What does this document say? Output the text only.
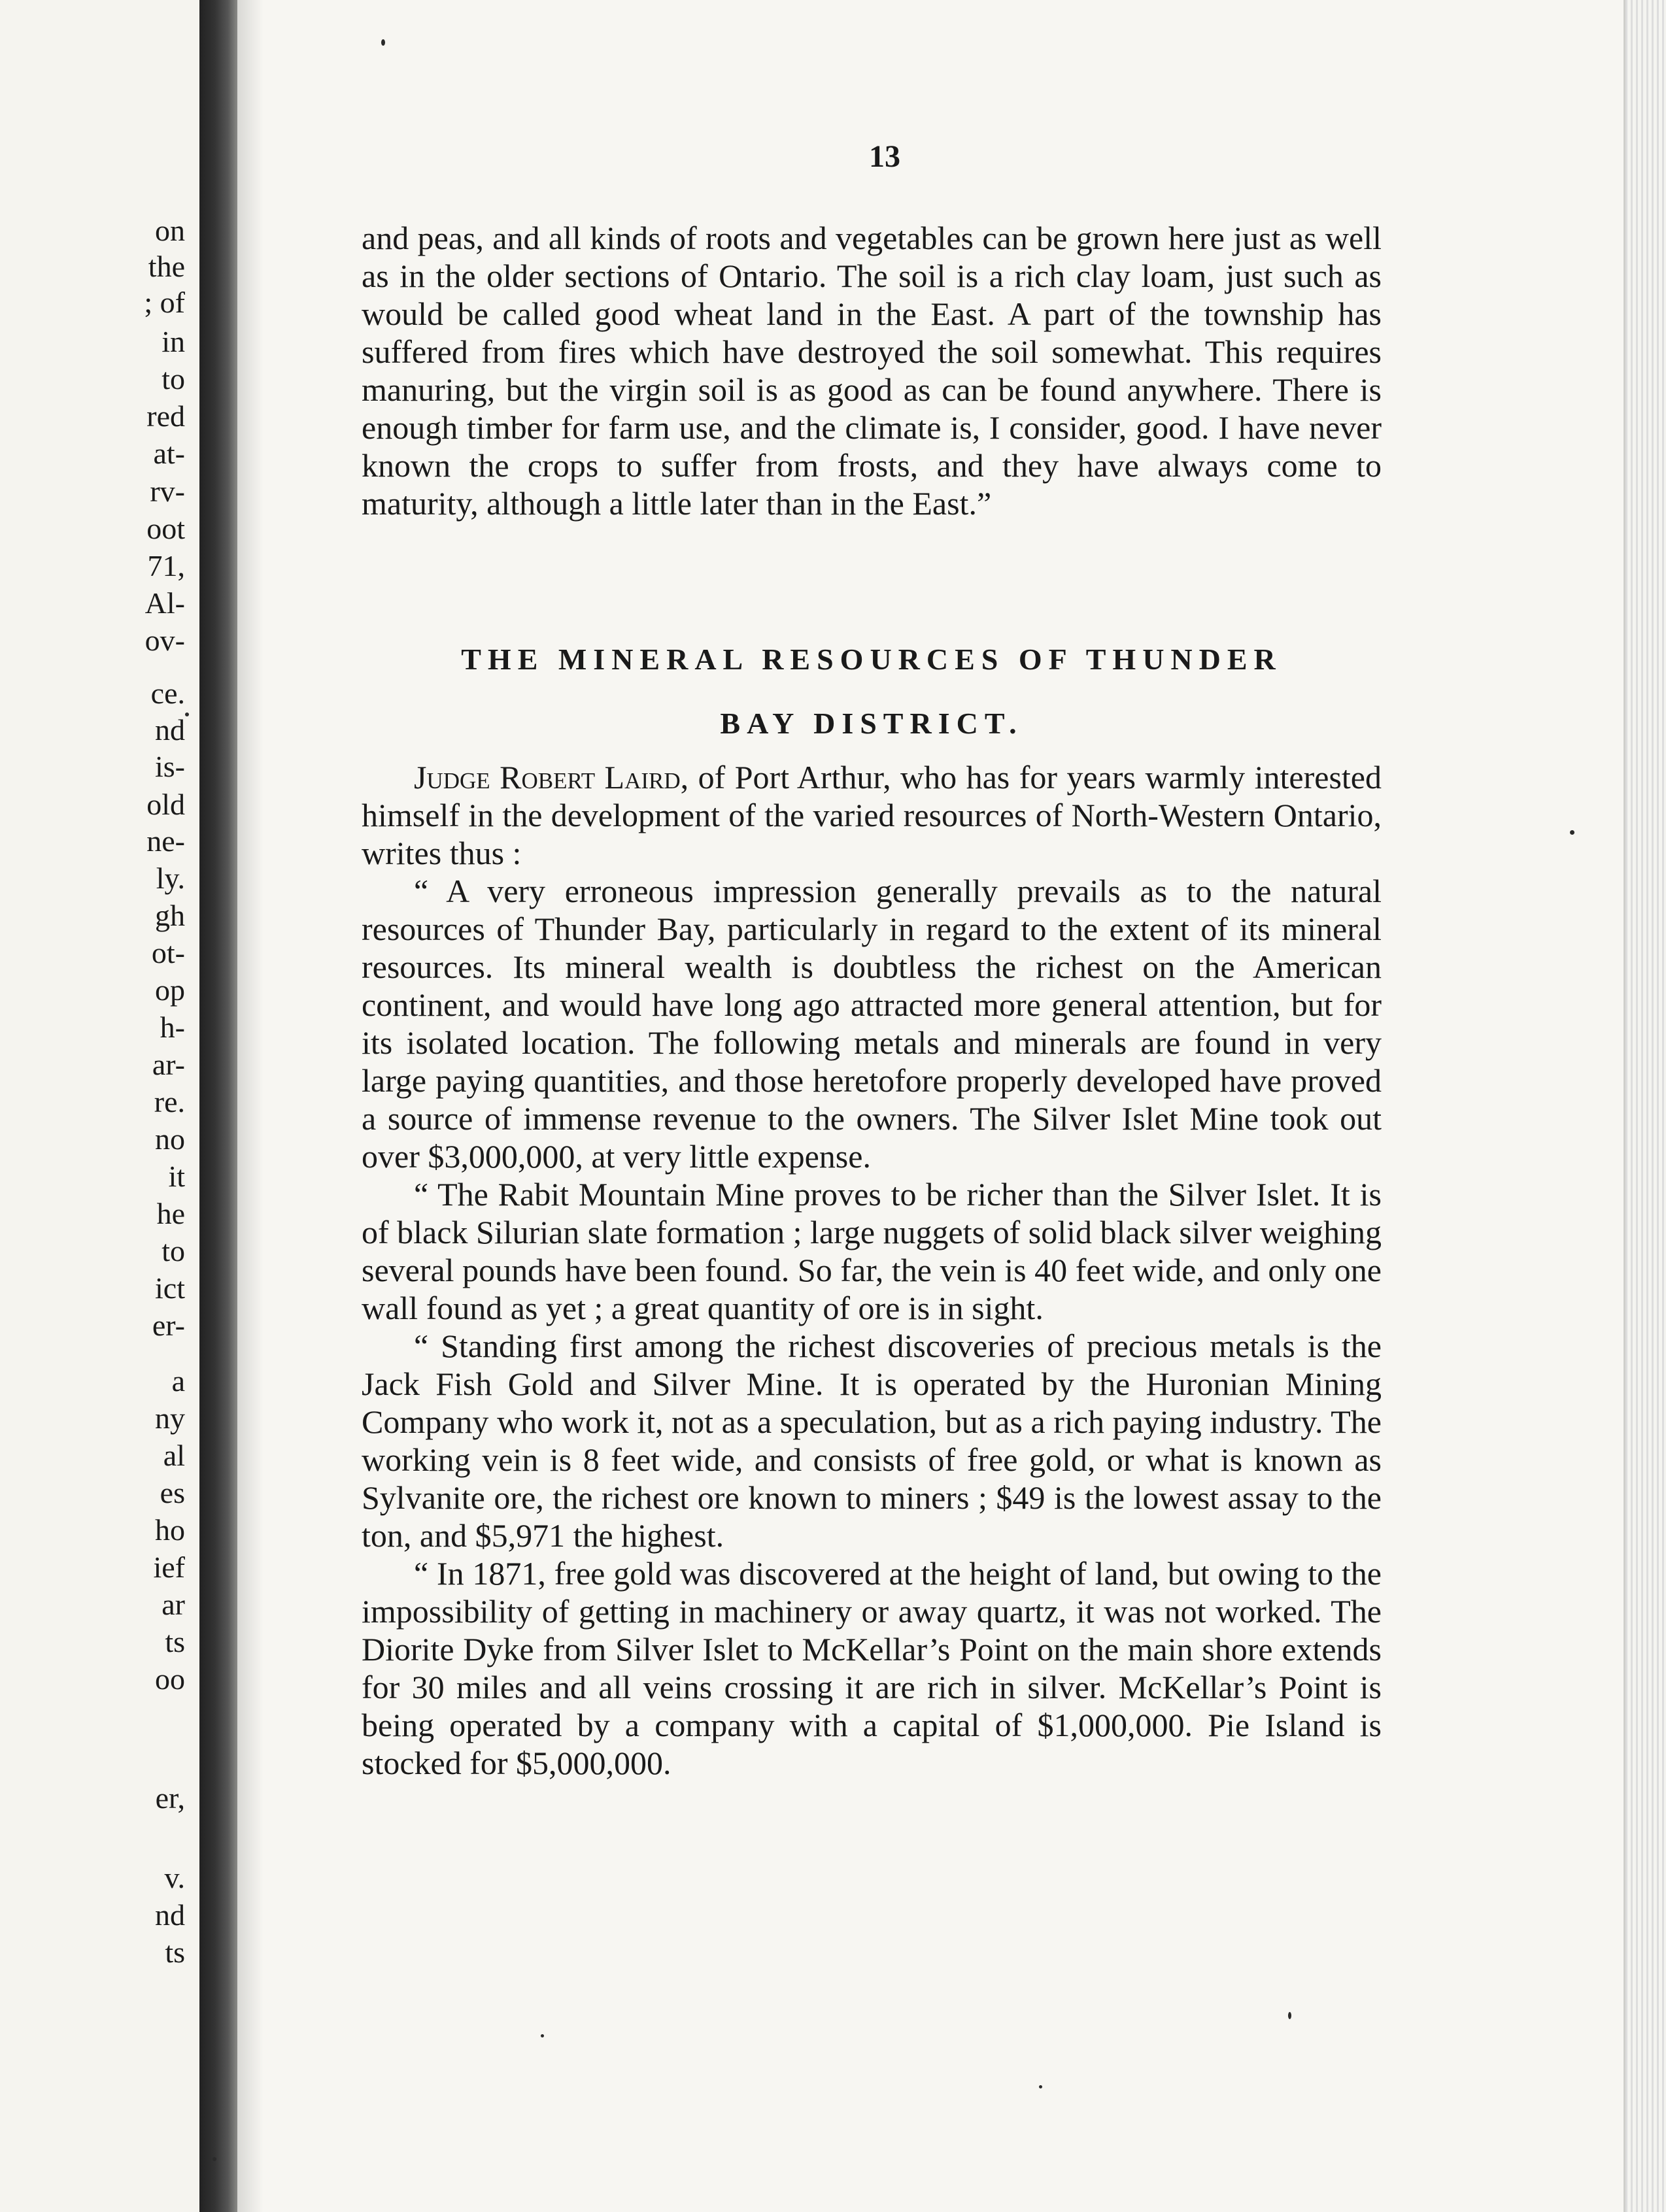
on
the
; of
in
to
red
at-
rv-
oot
71,
Al-
ov-
ce.
nd
is-
old
ne-
ly.
gh
ot-
op
h-
ar-
re.
no
it
he
to
ict
er-
a
ny
al
es
ho
ief
ar
ts
oo
er,
v.
nd
ts
13

and peas, and all kinds of roots and vegetables can be grown here just as well as in the older sections of Ontario. The soil is a rich clay loam, just such as would be called good wheat land in the East. A part of the township has suffered from fires which have destroyed the soil somewhat. This requires manuring, but the virgin soil is as good as can be found anywhere. There is enough timber for farm use, and the climate is, I consider, good. I have never known the crops to suffer from frosts, and they have always come to maturity, although a little later than in the East.”

THE MINERAL RESOURCES OF THUNDER
BAY DISTRICT.

Judge Robert Laird, of Port Arthur, who has for years warmly interested himself in the development of the varied resources of North-Western Ontario, writes thus :

“ A very erroneous impression generally prevails as to the natural resources of Thunder Bay, particularly in regard to the extent of its mineral resources. Its mineral wealth is doubtless the richest on the American continent, and would have long ago attracted more general attention, but for its isolated location. The following metals and minerals are found in very large paying quantities, and those heretofore properly developed have proved a source of immense revenue to the owners. The Silver Islet Mine took out over $3,000,000, at very little expense.

“ The Rabit Mountain Mine proves to be richer than the Silver Islet. It is of black Silurian slate formation ; large nuggets of solid black silver weighing several pounds have been found. So far, the vein is 40 feet wide, and only one wall found as yet ; a great quantity of ore is in sight.

“ Standing first among the richest discoveries of precious metals is the Jack Fish Gold and Silver Mine. It is operated by the Huronian Mining Company who work it, not as a speculation, but as a rich paying industry. The working vein is 8 feet wide, and consists of free gold, or what is known as Sylvanite ore, the richest ore known to miners ; $49 is the lowest assay to the ton, and $5,971 the highest.

“ In 1871, free gold was discovered at the height of land, but owing to the impossibility of getting in machinery or away quartz, it was not worked. The Diorite Dyke from Silver Islet to McKellar’s Point on the main shore extends for 30 miles and all veins crossing it are rich in silver. McKellar’s Point is being operated by a company with a capital of $1,000,000. Pie Island is stocked for $5,000,000.
